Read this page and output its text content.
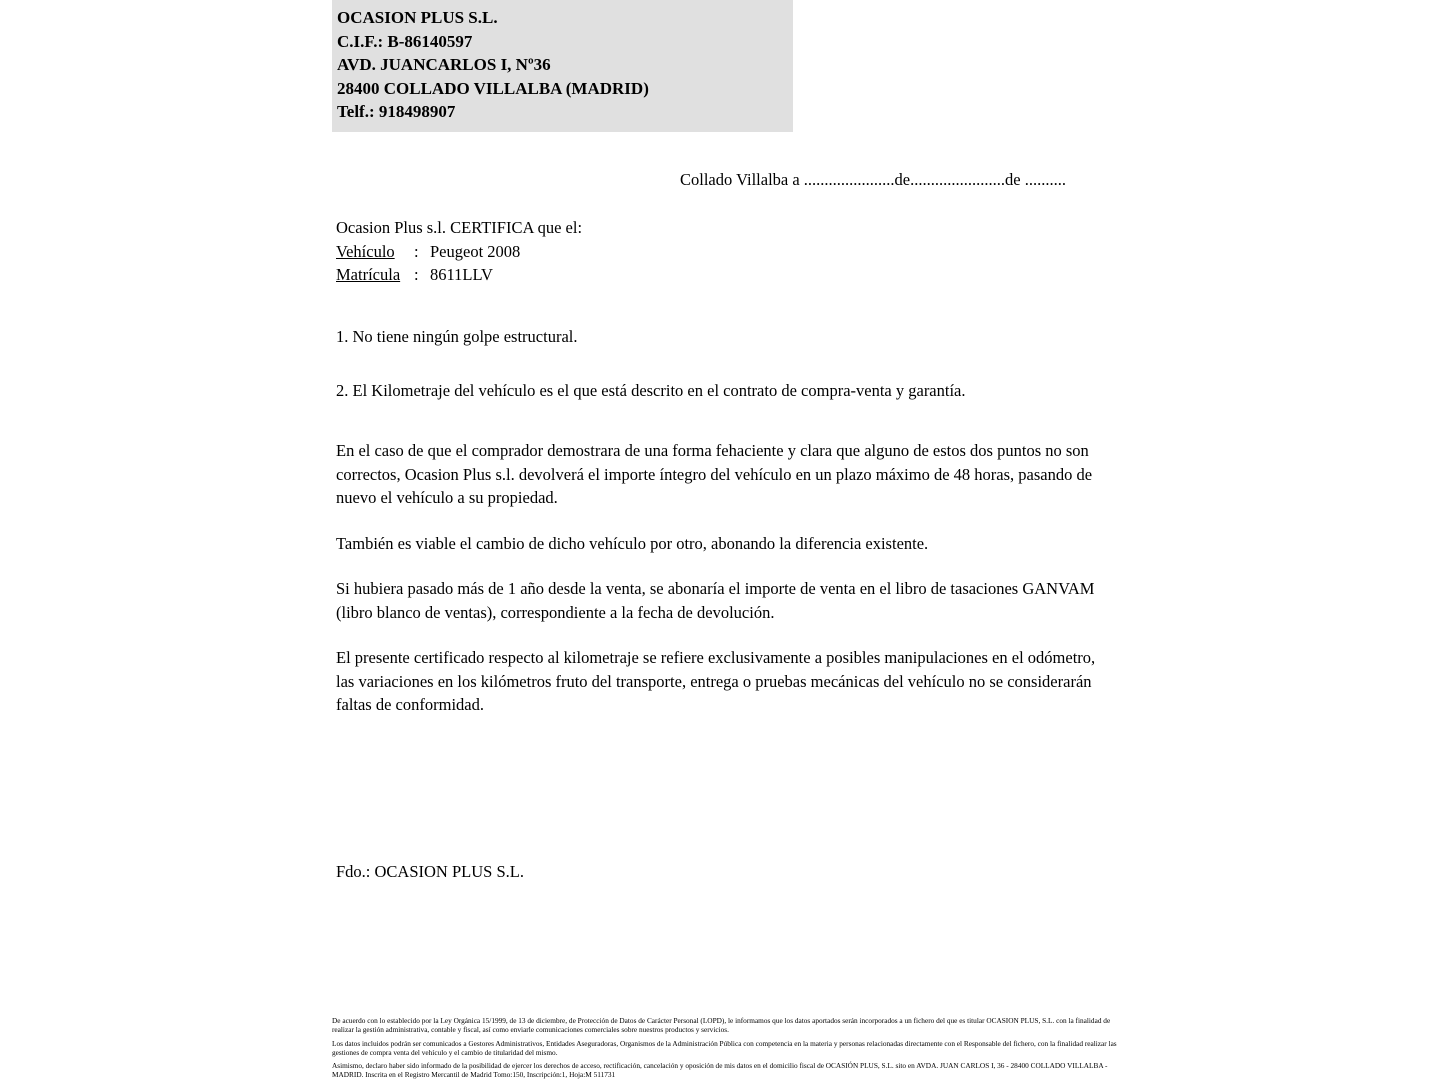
OCASION PLUS S.L.
C.I.F.: B-86140597
AVD. JUANCARLOS I, Nº36
28400 COLLADO VILLALBA (MADRID)
Telf.: 918498907
Collado Villalba a ......................de.......................de ..........
Ocasion Plus s.l. CERTIFICA que el:
Vehículo	: Peugeot 2008
Matrícula : 8611LLV

1. No tiene ningún golpe estructural.

2. El Kilometraje del vehículo es el que está descrito en el contrato de compra-venta y garantía.

En el caso de que el comprador demostrara de una forma fehaciente y clara que alguno de estos dos puntos no son correctos, Ocasion Plus s.l. devolverá el importe íntegro del vehículo en un plazo máximo de 48 horas, pasando de nuevo el vehículo a su propiedad.

También es viable el cambio de dicho vehículo por otro, abonando la diferencia existente.

Si hubiera pasado más de 1 año desde la venta, se abonaría el importe de venta en el libro de tasaciones GANVAM (libro blanco de ventas), correspondiente a la fecha de devolución.

El presente certificado respecto al kilometraje se refiere exclusivamente a posibles manipulaciones en el odómetro, las variaciones en los kilómetros fruto del transporte, entrega o pruebas mecánicas del vehículo no se considerarán faltas de conformidad.

Fdo.: OCASION PLUS S.L.

De acuerdo con lo establecido por la Ley Orgánica 15/1999, de 13 de diciembre, de Protección de Datos de Carácter Personal (LOPD), le informamos que los datos aportados serán incorporados a un fichero del que es titular OCASION PLUS, S.L. con la finalidad de realizar la gestión administrativa, contable y fiscal, así como enviarle comunicaciones comerciales sobre nuestros productos y servicios.

Los datos incluidos podrán ser comunicados a Gestores Administrativos, Entidades Aseguradoras, Organismos de la Administración Pública con competencia en la materia y personas relacionadas directamente con el Responsable del fichero, con la finalidad realizar las gestiones de compra venta del vehículo y el cambio de titularidad del mismo.

Asimismo, declaro haber sido informado de la posibilidad de ejercer los derechos de acceso, rectificación, cancelación y oposición de mis datos en el domicilio fiscal de OCASIÓN PLUS, S.L. sito en AVDA. JUAN CARLOS I, 36 - 28400 COLLADO VILLALBA - MADRID. Inscrita en el Registro Mercantil de Madrid Tomo:150, Inscripción:1, Hoja:M 511731
